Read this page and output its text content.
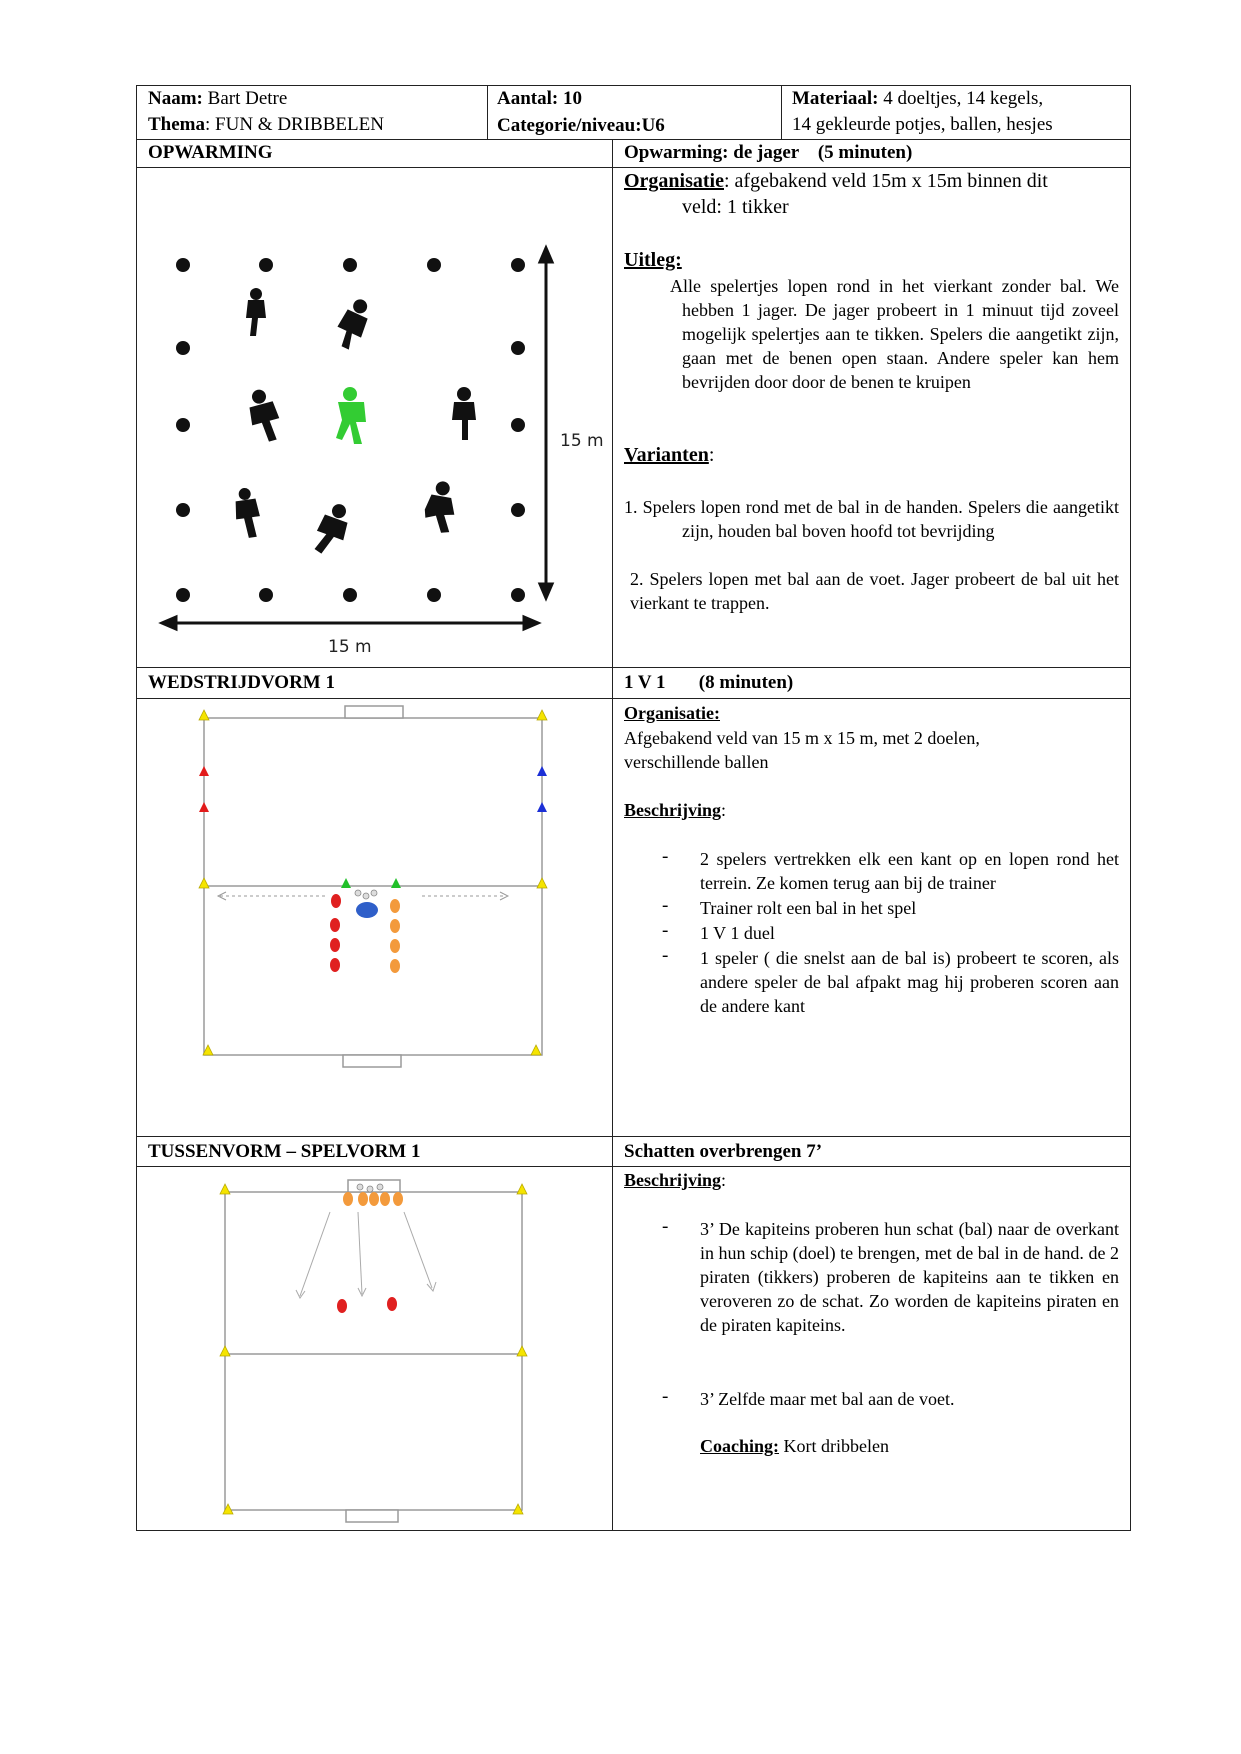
Naam: Bart Detre
Thema: FUN & DRIBBELEN
Aantal: 10
Categorie/niveau:U6
Materiaal: 4 doeltjes, 14 kegels,
14 gekleurde potjes, ballen, hesjes
OPWARMING	Opwarming: de jager    (5 minuten)
Organisatie: afgebakend veld 15m x 15m binnen dit
veld: 1 tikker
Uitleg:
Alle spelertjes lopen rond in het vierkant zonder bal. We hebben 1 jager. De jager probeert in 1 minuut tijd zoveel mogelijk spelertjes aan te tikken. Spelers die aangetikt zijn, gaan met de benen open staan. Andere speler kan hem bevrijden door door de benen te kruipen
Varianten:
1. Spelers lopen rond met de bal in de handen. Spelers die aangetikt zijn, houden bal boven hoofd tot bevrijding
2. Spelers lopen met bal aan de voet. Jager probeert de bal uit het vierkant te trappen.
15 m
15 m
WEDSTRIJDVORM 1	1 V 1       (8 minuten)
Organisatie:
Afgebakend veld van 15 m x 15 m, met 2 doelen, verschillende ballen
Beschrijving:
- 2 spelers vertrekken elk een kant op en lopen rond het terrein. Ze komen terug aan bij de trainer
- Trainer rolt een bal in het spel
- 1 V 1 duel
- 1 speler ( die snelst aan de bal is) probeert te scoren, als andere speler de bal afpakt mag hij proberen scoren aan de andere kant
TUSSENVORM – SPELVORM 1	Schatten overbrengen 7’
Beschrijving:
- 3’ De kapiteins proberen hun schat (bal) naar de overkant in hun schip (doel) te brengen, met de bal in de hand. de 2 piraten (tikkers) proberen de kapiteins aan te tikken en veroveren zo de schat. Zo worden de kapiteins piraten en de piraten kapiteins.
- 3’ Zelfde maar met bal aan de voet.
Coaching: Kort dribbelen
